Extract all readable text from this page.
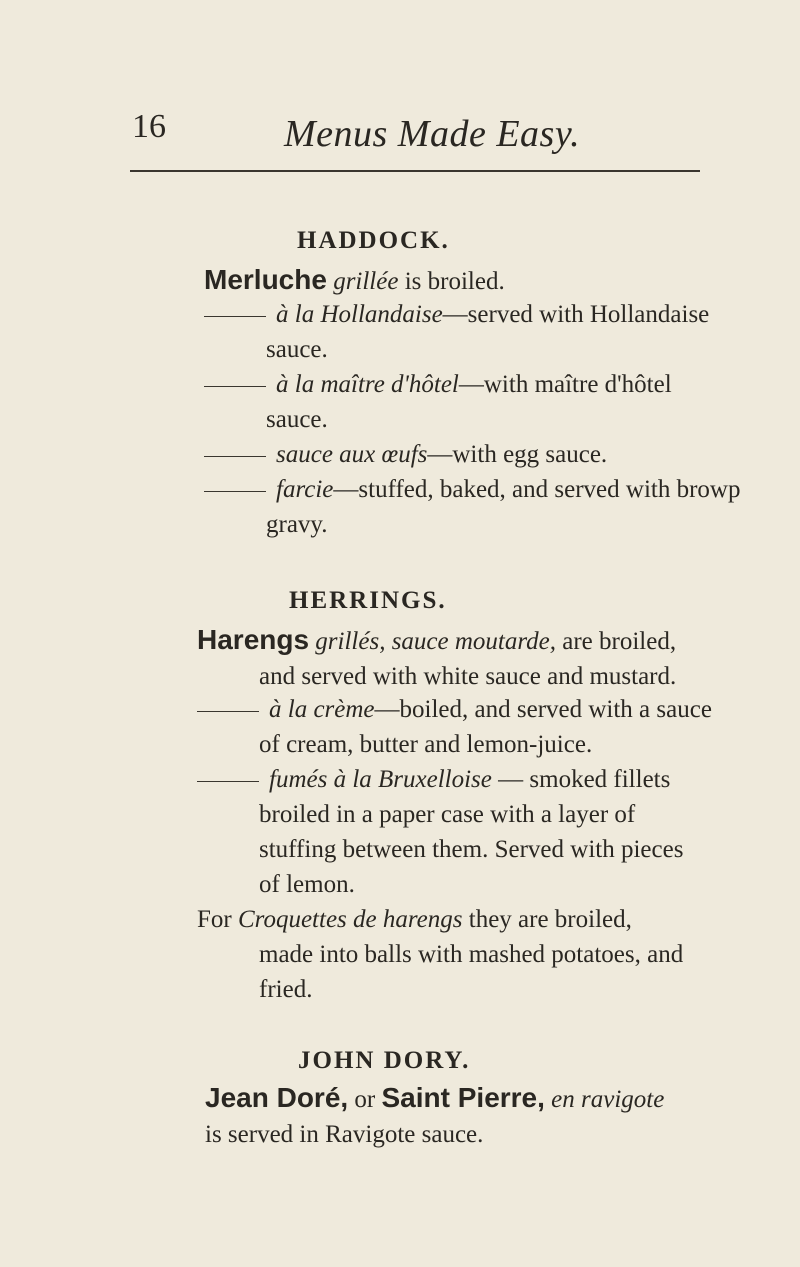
16	Menus Made Easy.
HADDOCK.
Merluche grillée is broiled.
à la Hollandaise—served with Hollandaise
sauce.
à la maître d'hôtel—with maître d'hôtel
sauce.
sauce aux œufs—with egg sauce.
farcie—stuffed, baked, and served with browp
gravy.
HERRINGS.
Harengs grillés, sauce moutarde, are broiled,
and served with white sauce and mustard.
à la crème—boiled, and served with a sauce
of cream, butter and lemon-juice.
fumés à la Bruxelloise — smoked fillets
broiled in a paper case with a layer of
stuffing between them. Served with pieces
of lemon.
For Croquettes de harengs they are broiled,
made into balls with mashed potatoes, and
fried.
JOHN DORY.
Jean Doré, or Saint Pierre, en ravigote
is served in Ravigote sauce.
